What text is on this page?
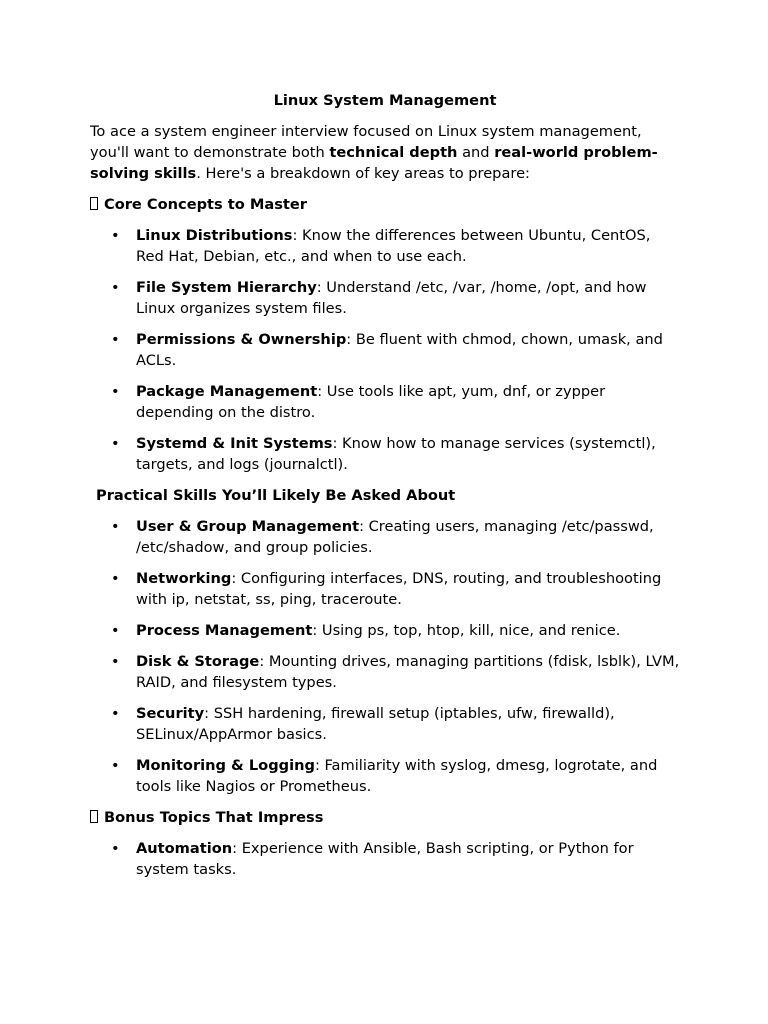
Linux System Management

To ace a system engineer interview focused on Linux system management, you'll want to demonstrate both technical depth and real-world problem-solving skills. Here's a breakdown of key areas to prepare:

Core Concepts to Master
• Linux Distributions: Know the differences between Ubuntu, CentOS, Red Hat, Debian, etc., and when to use each.
• File System Hierarchy: Understand /etc, /var, /home, /opt, and how Linux organizes system files.
• Permissions & Ownership: Be fluent with chmod, chown, umask, and ACLs.
• Package Management: Use tools like apt, yum, dnf, or zypper depending on the distro.
• Systemd & Init Systems: Know how to manage services (systemctl), targets, and logs (journalctl).
Practical Skills You’ll Likely Be Asked About
• User & Group Management: Creating users, managing /etc/passwd, /etc/shadow, and group policies.
• Networking: Configuring interfaces, DNS, routing, and troubleshooting with ip, netstat, ss, ping, traceroute.
• Process Management: Using ps, top, htop, kill, nice, and renice.
• Disk & Storage: Mounting drives, managing partitions (fdisk, lsblk), LVM, RAID, and filesystem types.
• Security: SSH hardening, firewall setup (iptables, ufw, firewalld), SELinux/AppArmor basics.
• Monitoring & Logging: Familiarity with syslog, dmesg, logrotate, and tools like Nagios or Prometheus.
Bonus Topics That Impress
• Automation: Experience with Ansible, Bash scripting, or Python for system tasks.
